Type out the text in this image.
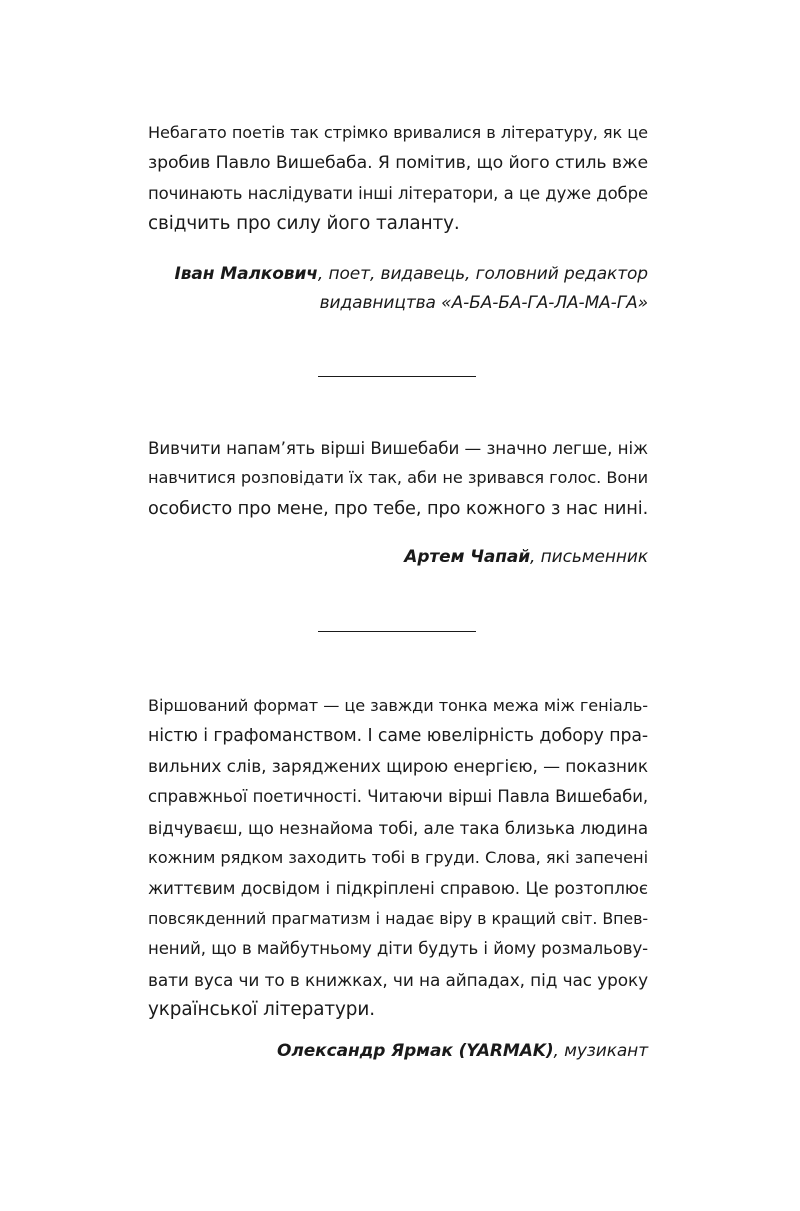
Небагато поетів так стрімко вривалися в літературу, як це
зробив Павло Вишебаба. Я помітив, що його стиль вже
починають наслідувати інші літератори, а це дуже добре
свідчить про силу його таланту.
Іван Малкович, поет, видавець, головний редактор
видавництва «А-БА-БА-ГА-ЛА-МА-ГА»
Вивчити напам’ять вірші Вишебаби — значно легше, ніж
навчитися розповідати їх так, аби не зривався голос. Вони
особисто про мене, про тебе, про кожного з нас нині.
Артем Чапай, письменник
Віршований формат — це завжди тонка межа між геніаль-
ністю і графоманством. І саме ювелірність добору пра-
вильних слів, заряджених щирою енергією, — показник
справжньої поетичності. Читаючи вірші Павла Вишебаби,
відчуваєш, що незнайома тобі, але така близька людина
кожним рядком заходить тобі в груди. Слова, які запечені
життєвим досвідом і підкріплені справою. Це розтоплює
повсякденний прагматизм і надає віру в кращий світ. Впев-
нений, що в майбутньому діти будуть і йому розмальову-
вати вуса чи то в книжках, чи на айпадах, під час уроку
української літератури.
Олександр Ярмак (YARMAK), музикант
